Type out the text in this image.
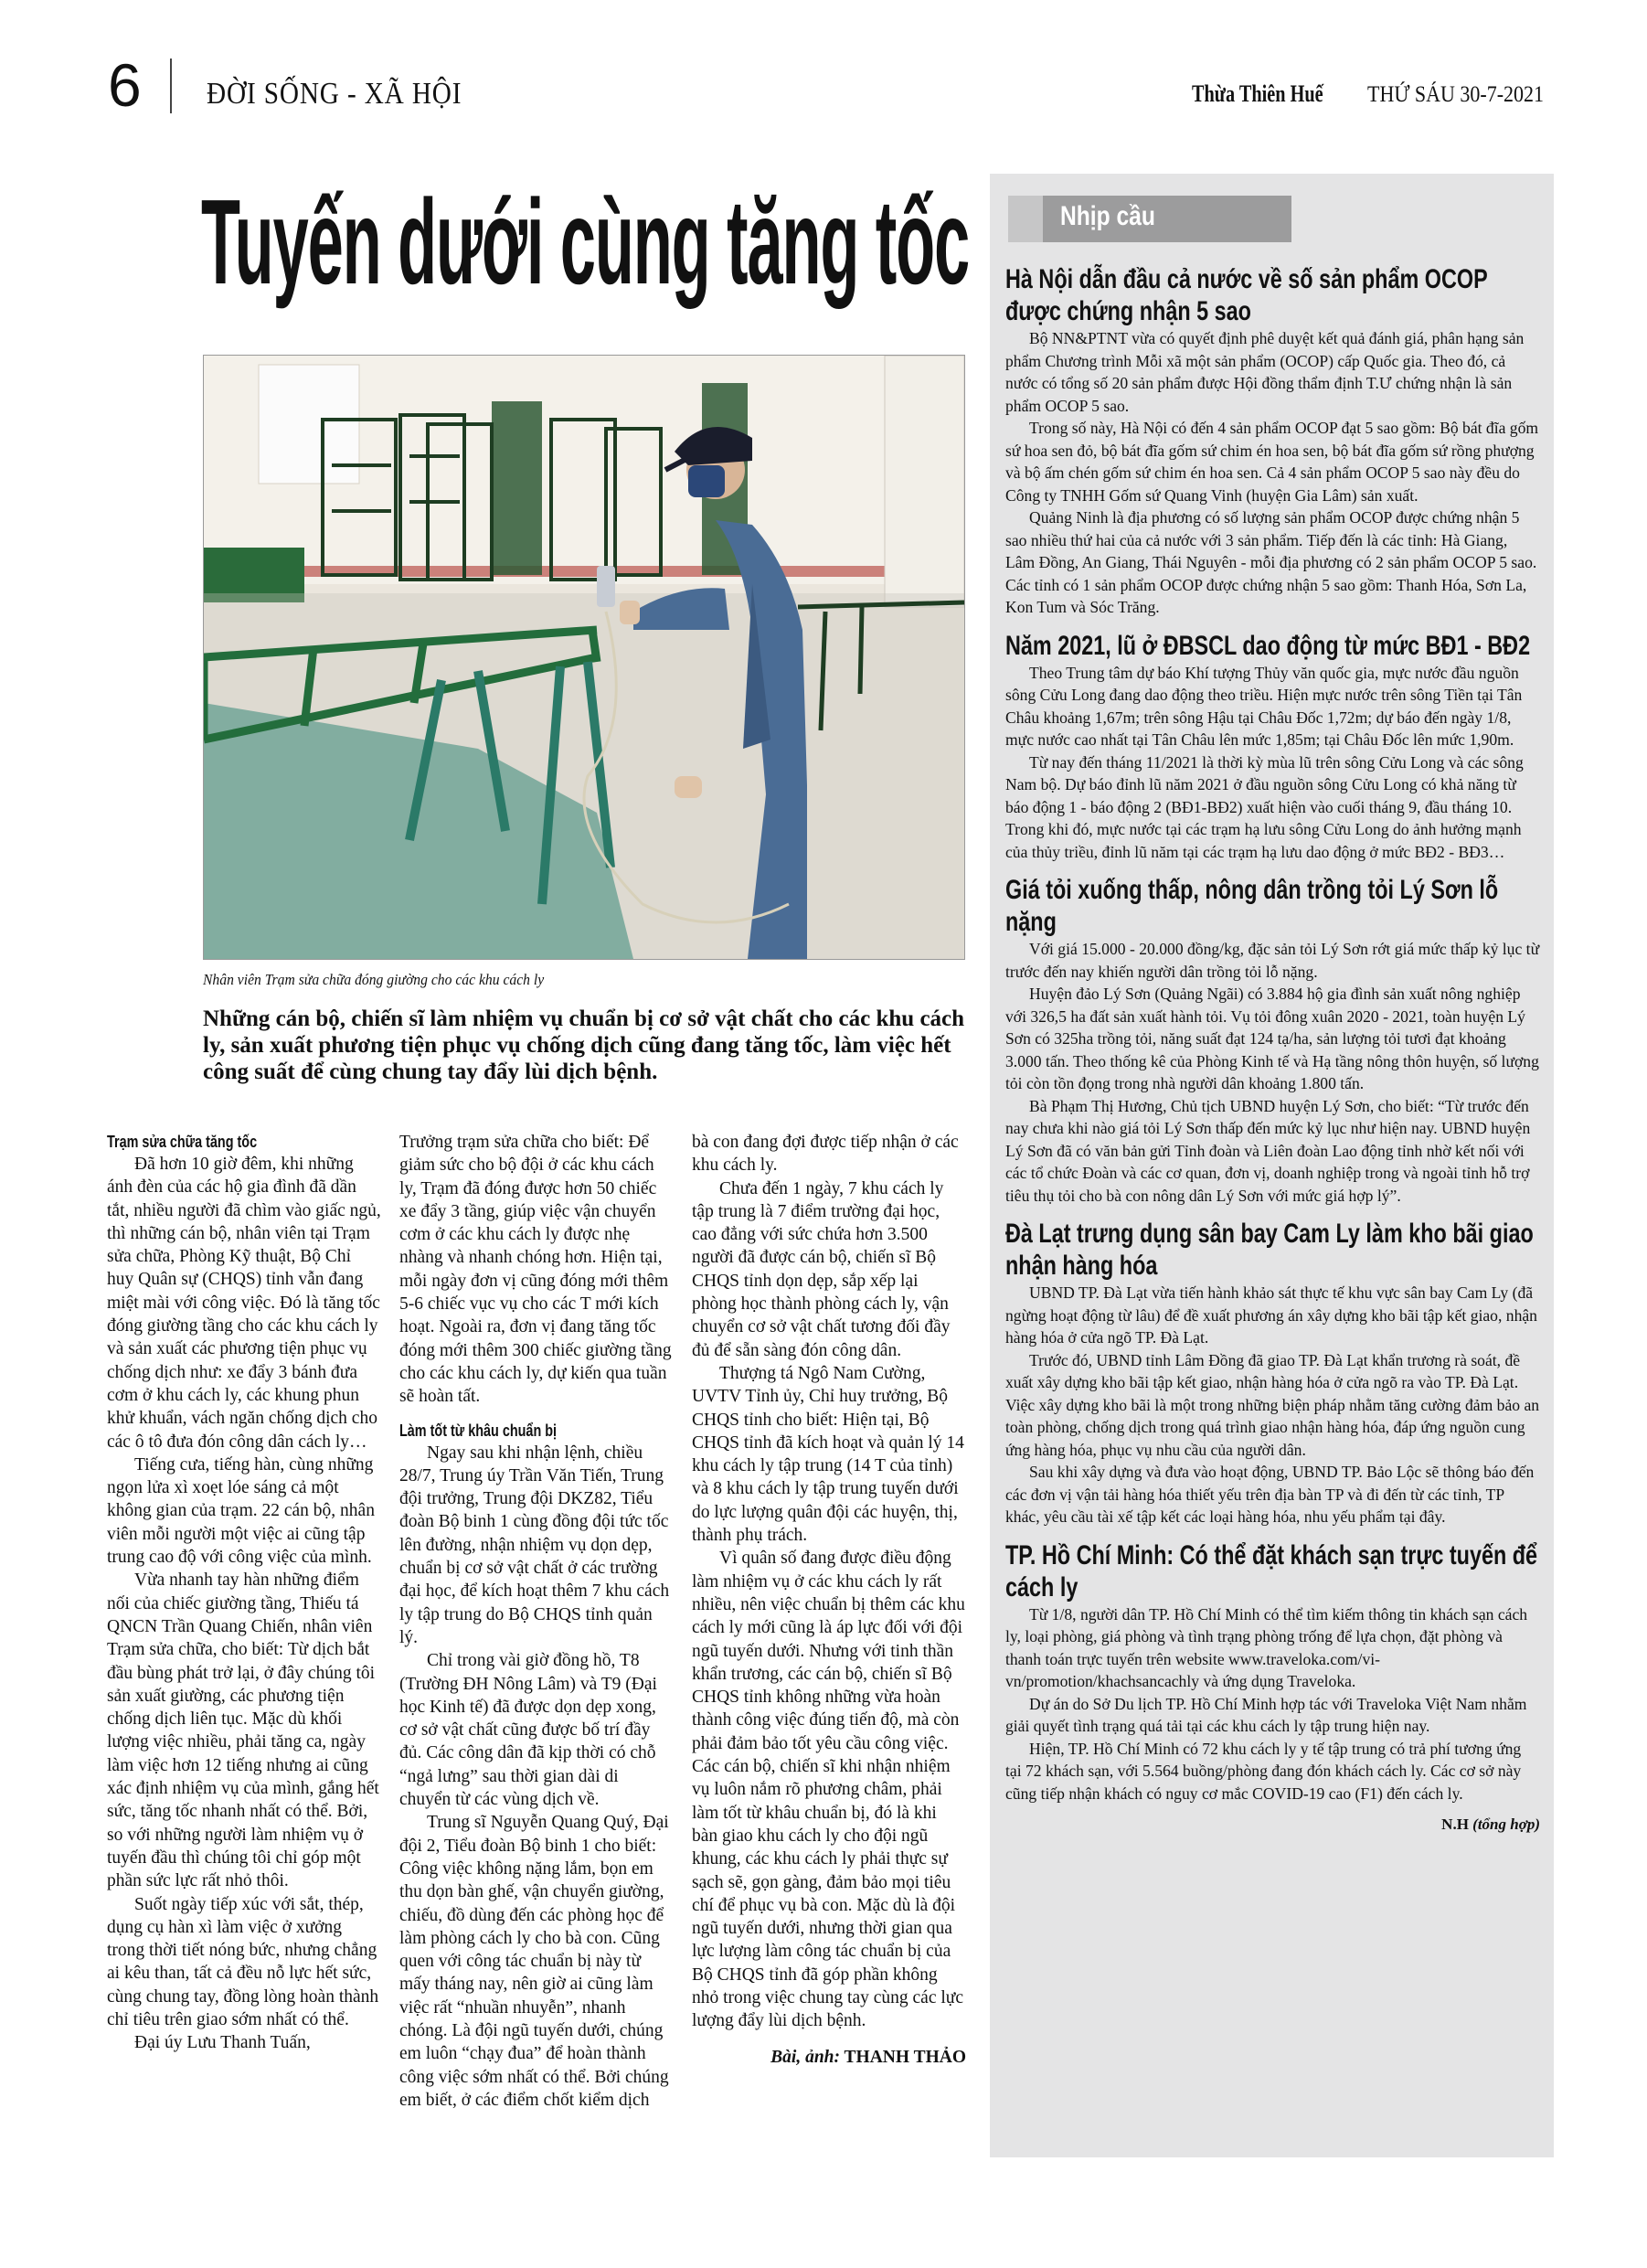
6 ĐỜI SỐNG - XÃ HỘI	Thừa Thiên Huế THỨ SÁU 30-7-2021
Tuyến dưới cùng tăng tốc
Nhân viên Trạm sửa chữa đóng giường cho các khu cách ly
Những cán bộ, chiến sĩ làm nhiệm vụ chuẩn bị cơ sở vật chất cho các khu cách ly, sản xuất phương tiện phục vụ chống dịch cũng đang tăng tốc, làm việc hết công suất để cùng chung tay đẩy lùi dịch bệnh.
Trạm sửa chữa tăng tốc

Đã hơn 10 giờ đêm, khi những ánh đèn của các hộ gia đình đã dần tắt, nhiều người đã chìm vào giấc ngủ, thì những cán bộ, nhân viên tại Trạm sửa chữa, Phòng Kỹ thuật, Bộ Chỉ huy Quân sự (CHQS) tỉnh vẫn đang miệt mài với công việc. Đó là tăng tốc đóng giường tầng cho các khu cách ly và sản xuất các phương tiện phục vụ chống dịch như: xe đẩy 3 bánh đưa cơm ở khu cách ly, các khung phun khử khuẩn, vách ngăn chống dịch cho các ô tô đưa đón công dân cách ly…

Tiếng cưa, tiếng hàn, cùng những ngọn lửa xì xoẹt lóe sáng cả một không gian của trạm. 22 cán bộ, nhân viên mỗi người một việc ai cũng tập trung cao độ với công việc của mình.

Vừa nhanh tay hàn những điểm nối của chiếc giường tầng, Thiếu tá QNCN Trần Quang Chiến, nhân viên Trạm sửa chữa, cho biết: Từ dịch bắt đầu bùng phát trở lại, ở đây chúng tôi sản xuất giường, các phương tiện chống dịch liên tục. Mặc dù khối lượng việc nhiều, phải tăng ca, ngày làm việc hơn 12 tiếng nhưng ai cũng xác định nhiệm vụ của mình, gắng hết sức, tăng tốc nhanh nhất có thể. Bởi, so với những người làm nhiệm vụ ở tuyến đầu thì chúng tôi chỉ góp một phần sức lực rất nhỏ thôi.

Suốt ngày tiếp xúc với sắt, thép, dụng cụ hàn xì làm việc ở xưởng trong thời tiết nóng bức, nhưng chẳng ai kêu than, tất cả đều nỗ lực hết sức, cùng chung tay, đồng lòng hoàn thành chỉ tiêu trên giao sớm nhất có thể.

Đại úy Lưu Thanh Tuấn,

Trưởng trạm sửa chữa cho biết: Để giảm sức cho bộ đội ở các khu cách ly, Trạm đã đóng được hơn 50 chiếc xe đẩy 3 tầng, giúp việc vận chuyển cơm ở các khu cách ly được nhẹ nhàng và nhanh chóng hơn. Hiện tại, mỗi ngày đơn vị cũng đóng mới thêm 5-6 chiếc vục vụ cho các T mới kích hoạt. Ngoài ra, đơn vị đang tăng tốc đóng mới thêm 300 chiếc giường tầng cho các khu cách ly, dự kiến qua tuần sẽ hoàn tất.

Làm tốt từ khâu chuẩn bị

Ngay sau khi nhận lệnh, chiều 28/7, Trung úy Trần Văn Tiến, Trung đội trưởng, Trung đội DKZ82, Tiểu đoàn Bộ binh 1 cùng đồng đội tức tốc lên đường, nhận nhiệm vụ dọn dẹp, chuẩn bị cơ sở vật chất ở các trường đại học, để kích hoạt thêm 7 khu cách ly tập trung do Bộ CHQS tỉnh quản lý.

Chỉ trong vài giờ đồng hồ, T8 (Trường ĐH Nông Lâm) và T9 (Đại học Kinh tế) đã được dọn dẹp xong, cơ sở vật chất cũng được bố trí đầy đủ. Các công dân đã kịp thời có chỗ “ngả lưng” sau thời gian dài di chuyển từ các vùng dịch về.

Trung sĩ Nguyễn Quang Quý, Đại đội 2, Tiểu đoàn Bộ binh 1 cho biết: Công việc không nặng lắm, bọn em thu dọn bàn ghế, vận chuyển giường, chiếu, đồ dùng đến các phòng học để làm phòng cách ly cho bà con. Cũng quen với công tác chuẩn bị này từ mấy tháng nay, nên giờ ai cũng làm việc rất “nhuần nhuyễn”, nhanh chóng. Là đội ngũ tuyến dưới, chúng em luôn “chạy đua” để hoàn thành công việc sớm nhất có thể. Bởi chúng em biết, ở các điểm chốt kiểm dịch

bà con đang đợi được tiếp nhận ở các khu cách ly.

Chưa đến 1 ngày, 7 khu cách ly tập trung là 7 điểm trường đại học, cao đẳng với sức chứa hơn 3.500 người đã được cán bộ, chiến sĩ Bộ CHQS tỉnh dọn dẹp, sắp xếp lại phòng học thành phòng cách ly, vận chuyển cơ sở vật chất tương đối đầy đủ để sẵn sàng đón công dân.

Thượng tá Ngô Nam Cường, UVTV Tỉnh ủy, Chỉ huy trưởng, Bộ CHQS tỉnh cho biết: Hiện tại, Bộ CHQS tỉnh đã kích hoạt và quản lý 14 khu cách ly tập trung (14 T của tỉnh) và 8 khu cách ly tập trung tuyến dưới do lực lượng quân đội các huyện, thị, thành phụ trách.

Vì quân số đang được điều động làm nhiệm vụ ở các khu cách ly rất nhiều, nên việc chuẩn bị thêm các khu cách ly mới cũng là áp lực đối với đội ngũ tuyến dưới. Nhưng với tinh thần khẩn trương, các cán bộ, chiến sĩ Bộ CHQS tỉnh không những vừa hoàn thành công việc đúng tiến độ, mà còn phải đảm bảo tốt yêu cầu công việc. Các cán bộ, chiến sĩ khi nhận nhiệm vụ luôn nắm rõ phương châm, phải làm tốt từ khâu chuẩn bị, đó là khi bàn giao khu cách ly cho đội ngũ khung, các khu cách ly phải thực sự sạch sẽ, gọn gàng, đảm bảo mọi tiêu chí để phục vụ bà con. Mặc dù là đội ngũ tuyến dưới, nhưng thời gian qua lực lượng làm công tác chuẩn bị của Bộ CHQS tỉnh đã góp phần không nhỏ trong việc chung tay cùng các lực lượng đẩy lùi dịch bệnh.

Bài, ảnh: THANH THẢO

Nhịp cầu
Hà Nội dẫn đầu cả nước về số sản phẩm OCOP được chứng nhận 5 sao

Bộ NN&PTNT vừa có quyết định phê duyệt kết quả đánh giá, phân hạng sản phẩm Chương trình Mỗi xã một sản phẩm (OCOP) cấp Quốc gia. Theo đó, cả nước có tổng số 20 sản phẩm được Hội đồng thẩm định T.Ư chứng nhận là sản phẩm OCOP 5 sao.

Trong số này, Hà Nội có đến 4 sản phẩm OCOP đạt 5 sao gồm: Bộ bát đĩa gốm sứ hoa sen đỏ, bộ bát đĩa gốm sứ chim én hoa sen, bộ bát đĩa gốm sứ rồng phượng và bộ ấm chén gốm sứ chim én hoa sen. Cả 4 sản phẩm OCOP 5 sao này đều do Công ty TNHH Gốm sứ Quang Vinh (huyện Gia Lâm) sản xuất.

Quảng Ninh là địa phương có số lượng sản phẩm OCOP được chứng nhận 5 sao nhiều thứ hai của cả nước với 3 sản phẩm. Tiếp đến là các tỉnh: Hà Giang, Lâm Đồng, An Giang, Thái Nguyên - mỗi địa phương có 2 sản phẩm OCOP 5 sao. Các tỉnh có 1 sản phẩm OCOP được chứng nhận 5 sao gồm: Thanh Hóa, Sơn La, Kon Tum và Sóc Trăng.

Năm 2021, lũ ở ĐBSCL dao động từ mức BĐ1 - BĐ2

Theo Trung tâm dự báo Khí tượng Thủy văn quốc gia, mực nước đầu nguồn sông Cửu Long đang dao động theo triều. Hiện mực nước trên sông Tiền tại Tân Châu khoảng 1,67m; trên sông Hậu tại Châu Đốc 1,72m; dự báo đến ngày 1/8, mực nước cao nhất tại Tân Châu lên mức 1,85m; tại Châu Đốc lên mức 1,90m.

Từ nay đến tháng 11/2021 là thời kỳ mùa lũ trên sông Cửu Long và các sông Nam bộ. Dự báo đỉnh lũ năm 2021 ở đầu nguồn sông Cửu Long có khả năng từ báo động 1 - báo động 2 (BĐ1-BĐ2) xuất hiện vào cuối tháng 9, đầu tháng 10. Trong khi đó, mực nước tại các trạm hạ lưu sông Cửu Long do ảnh hưởng mạnh của thủy triều, đỉnh lũ năm tại các trạm hạ lưu dao động ở mức BĐ2 - BĐ3…

Giá tỏi xuống thấp, nông dân trồng tỏi Lý Sơn lỗ nặng

Với giá 15.000 - 20.000 đồng/kg, đặc sản tỏi Lý Sơn rớt giá mức thấp kỷ lục từ trước đến nay khiến người dân trồng tỏi lỗ nặng.

Huyện đảo Lý Sơn (Quảng Ngãi) có 3.884 hộ gia đình sản xuất nông nghiệp với 326,5 ha đất sản xuất hành tỏi. Vụ tỏi đông xuân 2020 - 2021, toàn huyện Lý Sơn có 325ha trồng tỏi, năng suất đạt 124 tạ/ha, sản lượng tỏi tươi đạt khoảng 3.000 tấn. Theo thống kê của Phòng Kinh tế và Hạ tầng nông thôn huyện, số lượng tỏi còn tồn đọng trong nhà người dân khoảng 1.800 tấn.

Bà Phạm Thị Hương, Chủ tịch UBND huyện Lý Sơn, cho biết: “Từ trước đến nay chưa khi nào giá tỏi Lý Sơn thấp đến mức kỷ lục như hiện nay. UBND huyện Lý Sơn đã có văn bản gửi Tỉnh đoàn và Liên đoàn Lao động tỉnh nhờ kết nối với các tổ chức Đoàn và các cơ quan, đơn vị, doanh nghiệp trong và ngoài tỉnh hỗ trợ tiêu thụ tỏi cho bà con nông dân Lý Sơn với mức giá hợp lý”.

Đà Lạt trưng dụng sân bay Cam Ly làm kho bãi giao nhận hàng hóa

UBND TP. Đà Lạt vừa tiến hành khảo sát thực tế khu vực sân bay Cam Ly (đã ngừng hoạt động từ lâu) để đề xuất phương án xây dựng kho bãi tập kết giao, nhận hàng hóa ở cửa ngõ TP. Đà Lạt.

Trước đó, UBND tỉnh Lâm Đồng đã giao TP. Đà Lạt khẩn trương rà soát, đề xuất xây dựng kho bãi tập kết giao, nhận hàng hóa ở cửa ngõ ra vào TP. Đà Lạt. Việc xây dựng kho bãi là một trong những biện pháp nhằm tăng cường đảm bảo an toàn phòng, chống dịch trong quá trình giao nhận hàng hóa, đáp ứng nguồn cung ứng hàng hóa, phục vụ nhu cầu của người dân.

Sau khi xây dựng và đưa vào hoạt động, UBND TP. Bảo Lộc sẽ thông báo đến các đơn vị vận tải hàng hóa thiết yếu trên địa bàn TP và đi đến từ các tỉnh, TP khác, yêu cầu tài xế tập kết các loại hàng hóa, nhu yếu phẩm tại đây.

TP. Hồ Chí Minh: Có thể đặt khách sạn trực tuyến để cách ly

Từ 1/8, người dân TP. Hồ Chí Minh có thể tìm kiếm thông tin khách sạn cách ly, loại phòng, giá phòng và tình trạng phòng trống để lựa chọn, đặt phòng và thanh toán trực tuyến trên website www.traveloka.com/vi-vn/promotion/khachsancachly và ứng dụng Traveloka.

Dự án do Sở Du lịch TP. Hồ Chí Minh hợp tác với Traveloka Việt Nam nhằm giải quyết tình trạng quá tải tại các khu cách ly tập trung hiện nay.

Hiện, TP. Hồ Chí Minh có 72 khu cách ly y tế tập trung có trả phí tương ứng tại 72 khách sạn, với 5.564 buồng/phòng đang đón khách cách ly. Các cơ sở này cũng tiếp nhận khách có nguy cơ mắc COVID-19 cao (F1) đến cách ly.

N.H (tổng hợp)
